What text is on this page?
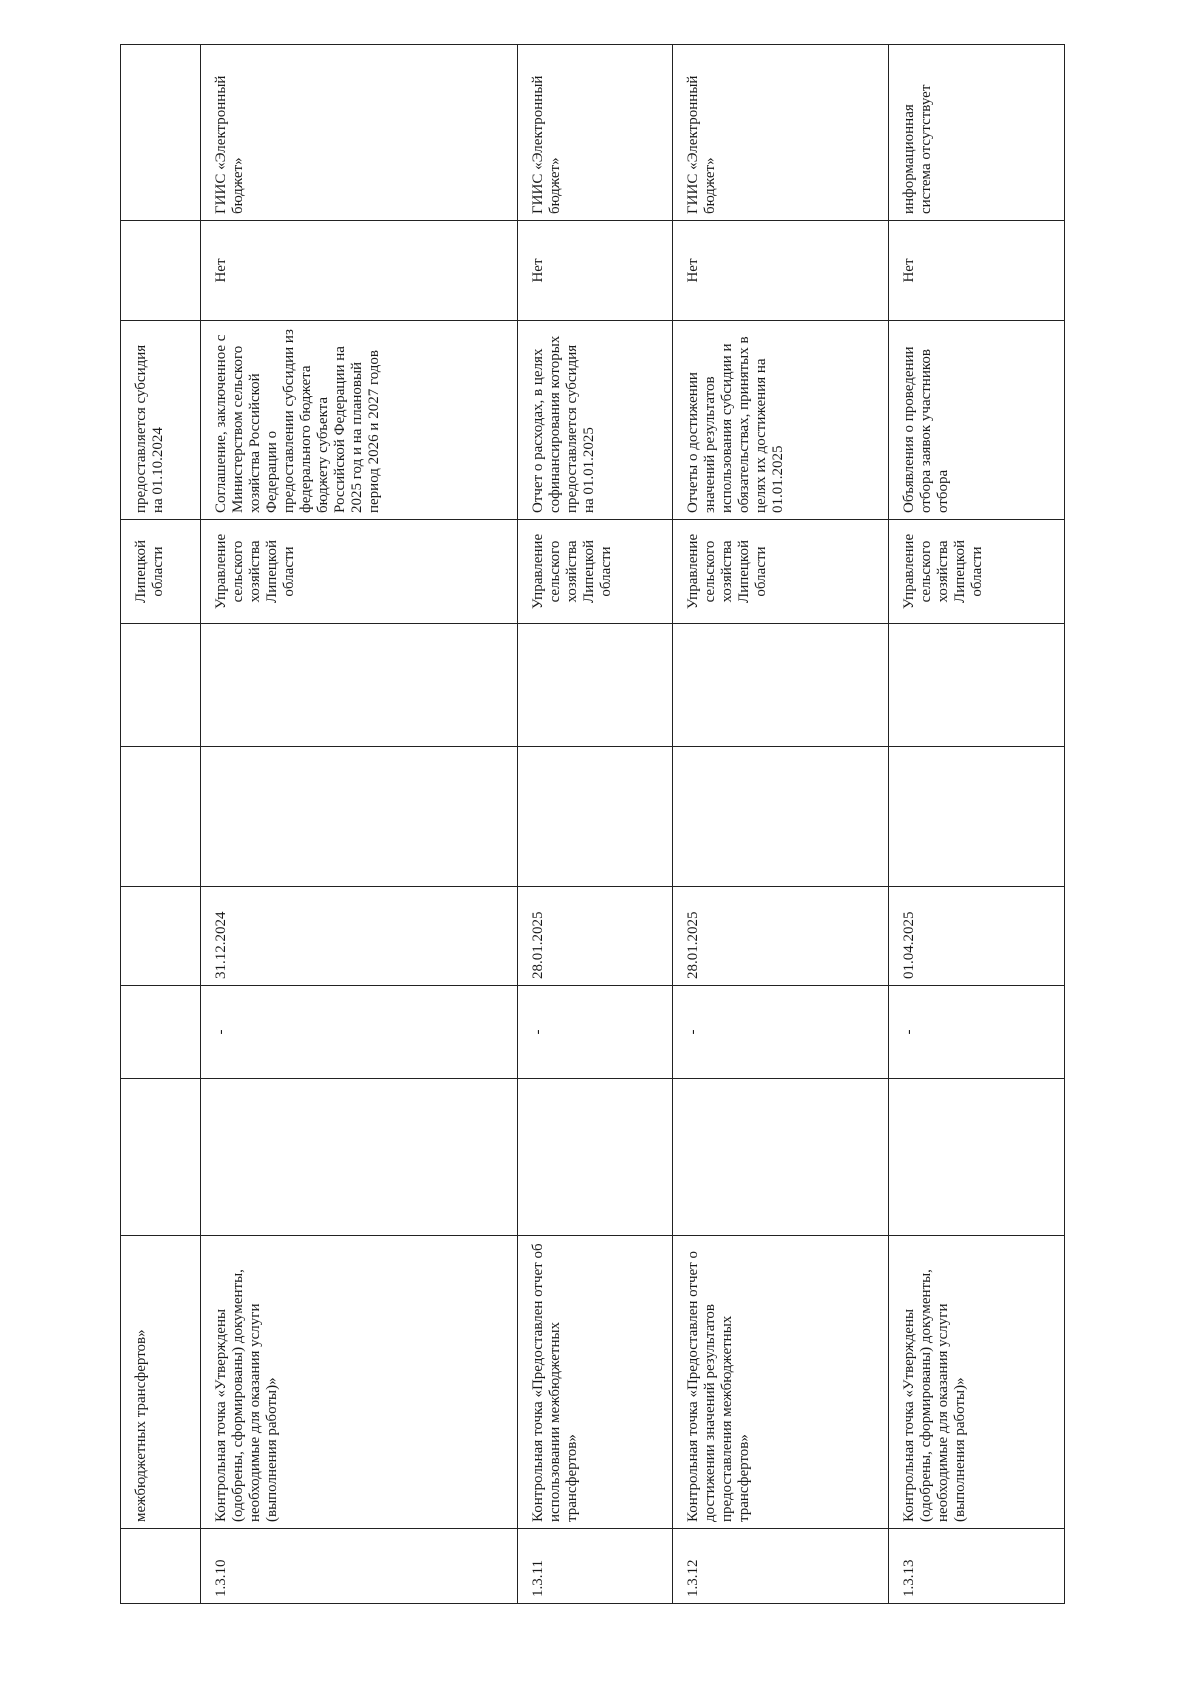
	межбюджетных трансфертов»						Липецкой области	предоставляется субсидия на 01.10.2024		
1.3.10	Контрольная точка «Утверждены (одобрены, сформированы) документы, необходимые для оказания услуги (выполнения работы)»		-	31.12.2024			Управление сельского хозяйства Липецкой области	Соглашение, заключенное с Министерством сельского хозяйства Российской Федерации о предоставлении субсидии из федерального бюджета бюджету субъекта Российской Федерации на 2025 год и на плановый период 2026 и 2027 годов	Нет	ГИИС «Электронный бюджет»
1.3.11	Контрольная точка «Предоставлен отчет об использовании межбюджетных трансфертов»		-	28.01.2025			Управление сельского хозяйства Липецкой области	Отчет о расходах, в целях софинансирования которых предоставляется субсидия на 01.01.2025	Нет	ГИИС «Электронный бюджет»
1.3.12	Контрольная точка «Предоставлен отчет о достижении значений результатов предоставления межбюджетных трансфертов»		-	28.01.2025			Управление сельского хозяйства Липецкой области	Отчеты о достижении значений результатов использования субсидии и обязательствах, принятых в целях их достижения на 01.01.2025	Нет	ГИИС «Электронный бюджет»
1.3.13	Контрольная точка «Утверждены (одобрены, сформированы) документы, необходимые для оказания услуги (выполнения работы)»		-	01.04.2025			Управление сельского хозяйства Липецкой области	Объявления о проведении отбора заявок участников отбора	Нет	информационная система отсутствует
